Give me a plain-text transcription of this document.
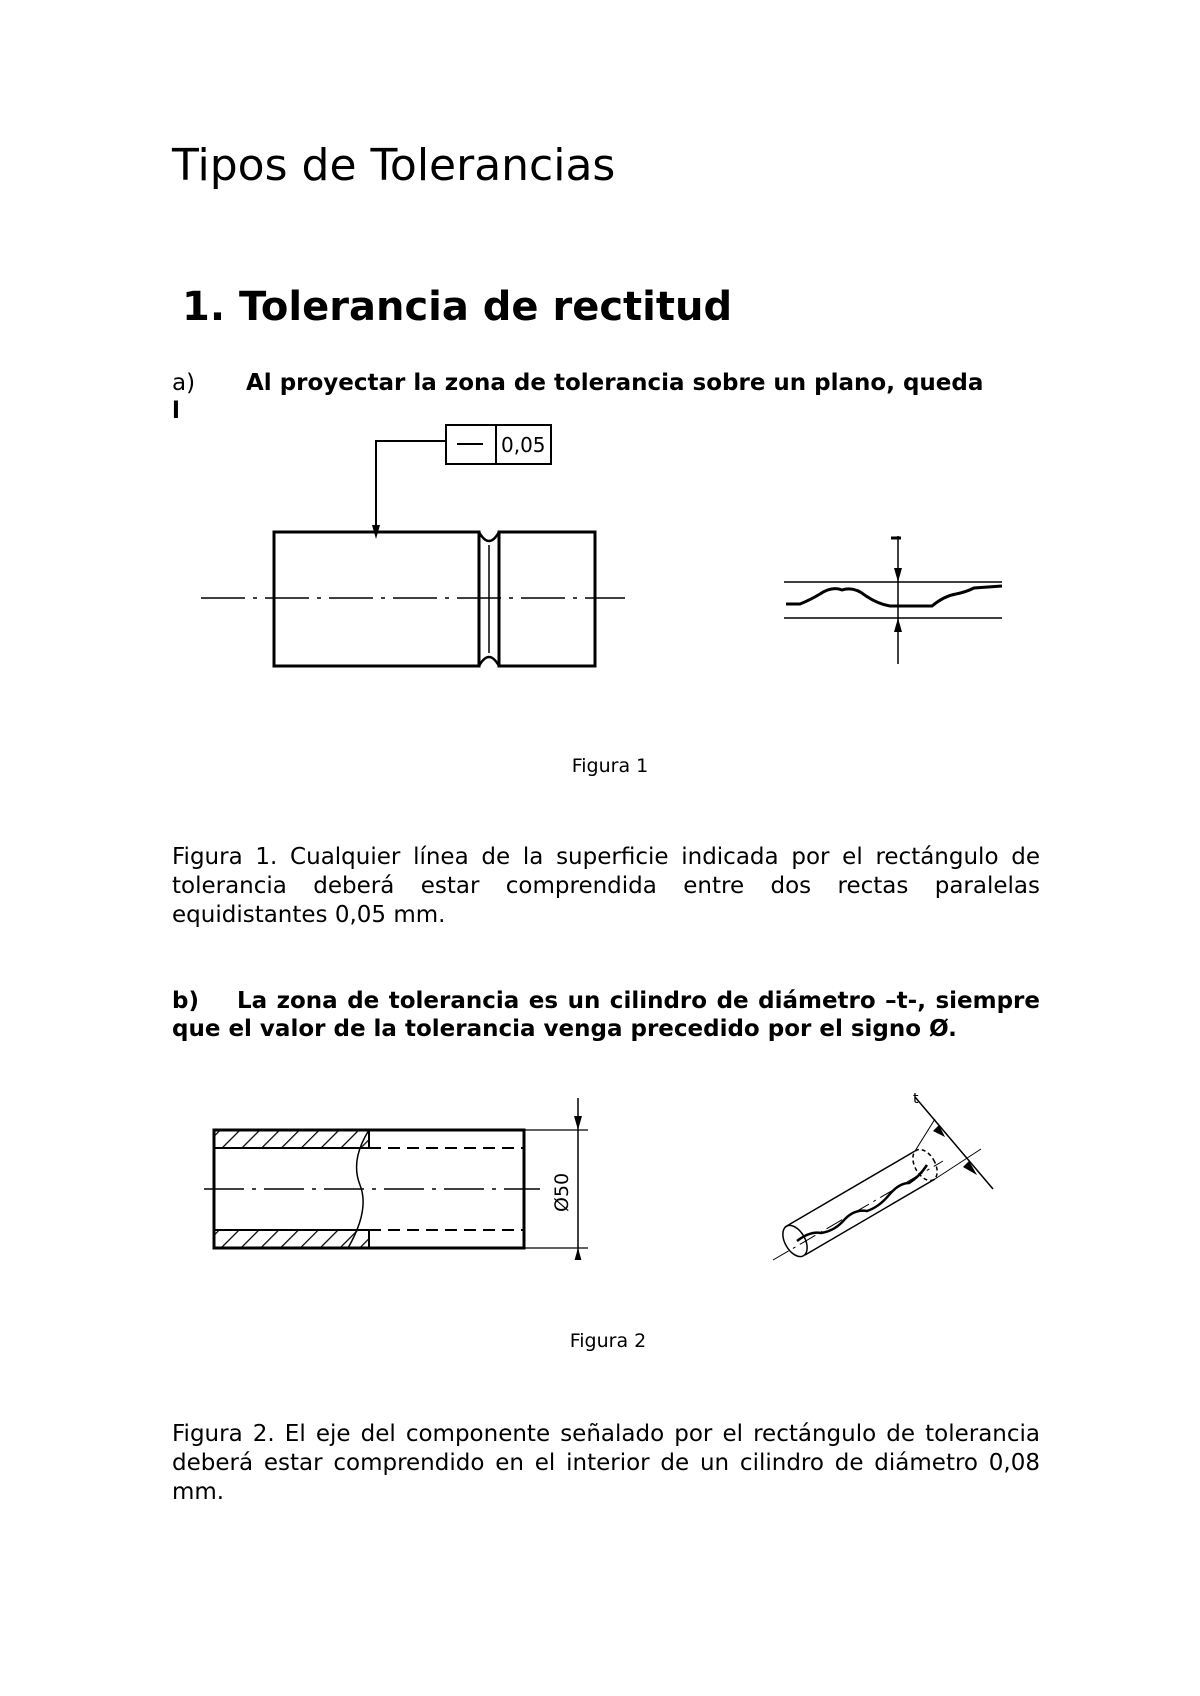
Tipos de Tolerancias
1. Tolerancia de rectitud
a) Al proyectar la zona de tolerancia sobre un plano, queda
l
0,05
Figura 1

Figura 1. Cualquier línea de la superficie indicada por el rectángulo de tolerancia deberá estar comprendida entre dos rectas paralelas equidistantes 0,05 mm.

b) La zona de tolerancia es un cilindro de diámetro –t-, siempre que el valor de la tolerancia venga precedido por el signo Ø.

Ø50
t
Figura 2

Figura 2. El eje del componente señalado por el rectángulo de tolerancia deberá estar comprendido en el interior de un cilindro de diámetro 0,08 mm.
